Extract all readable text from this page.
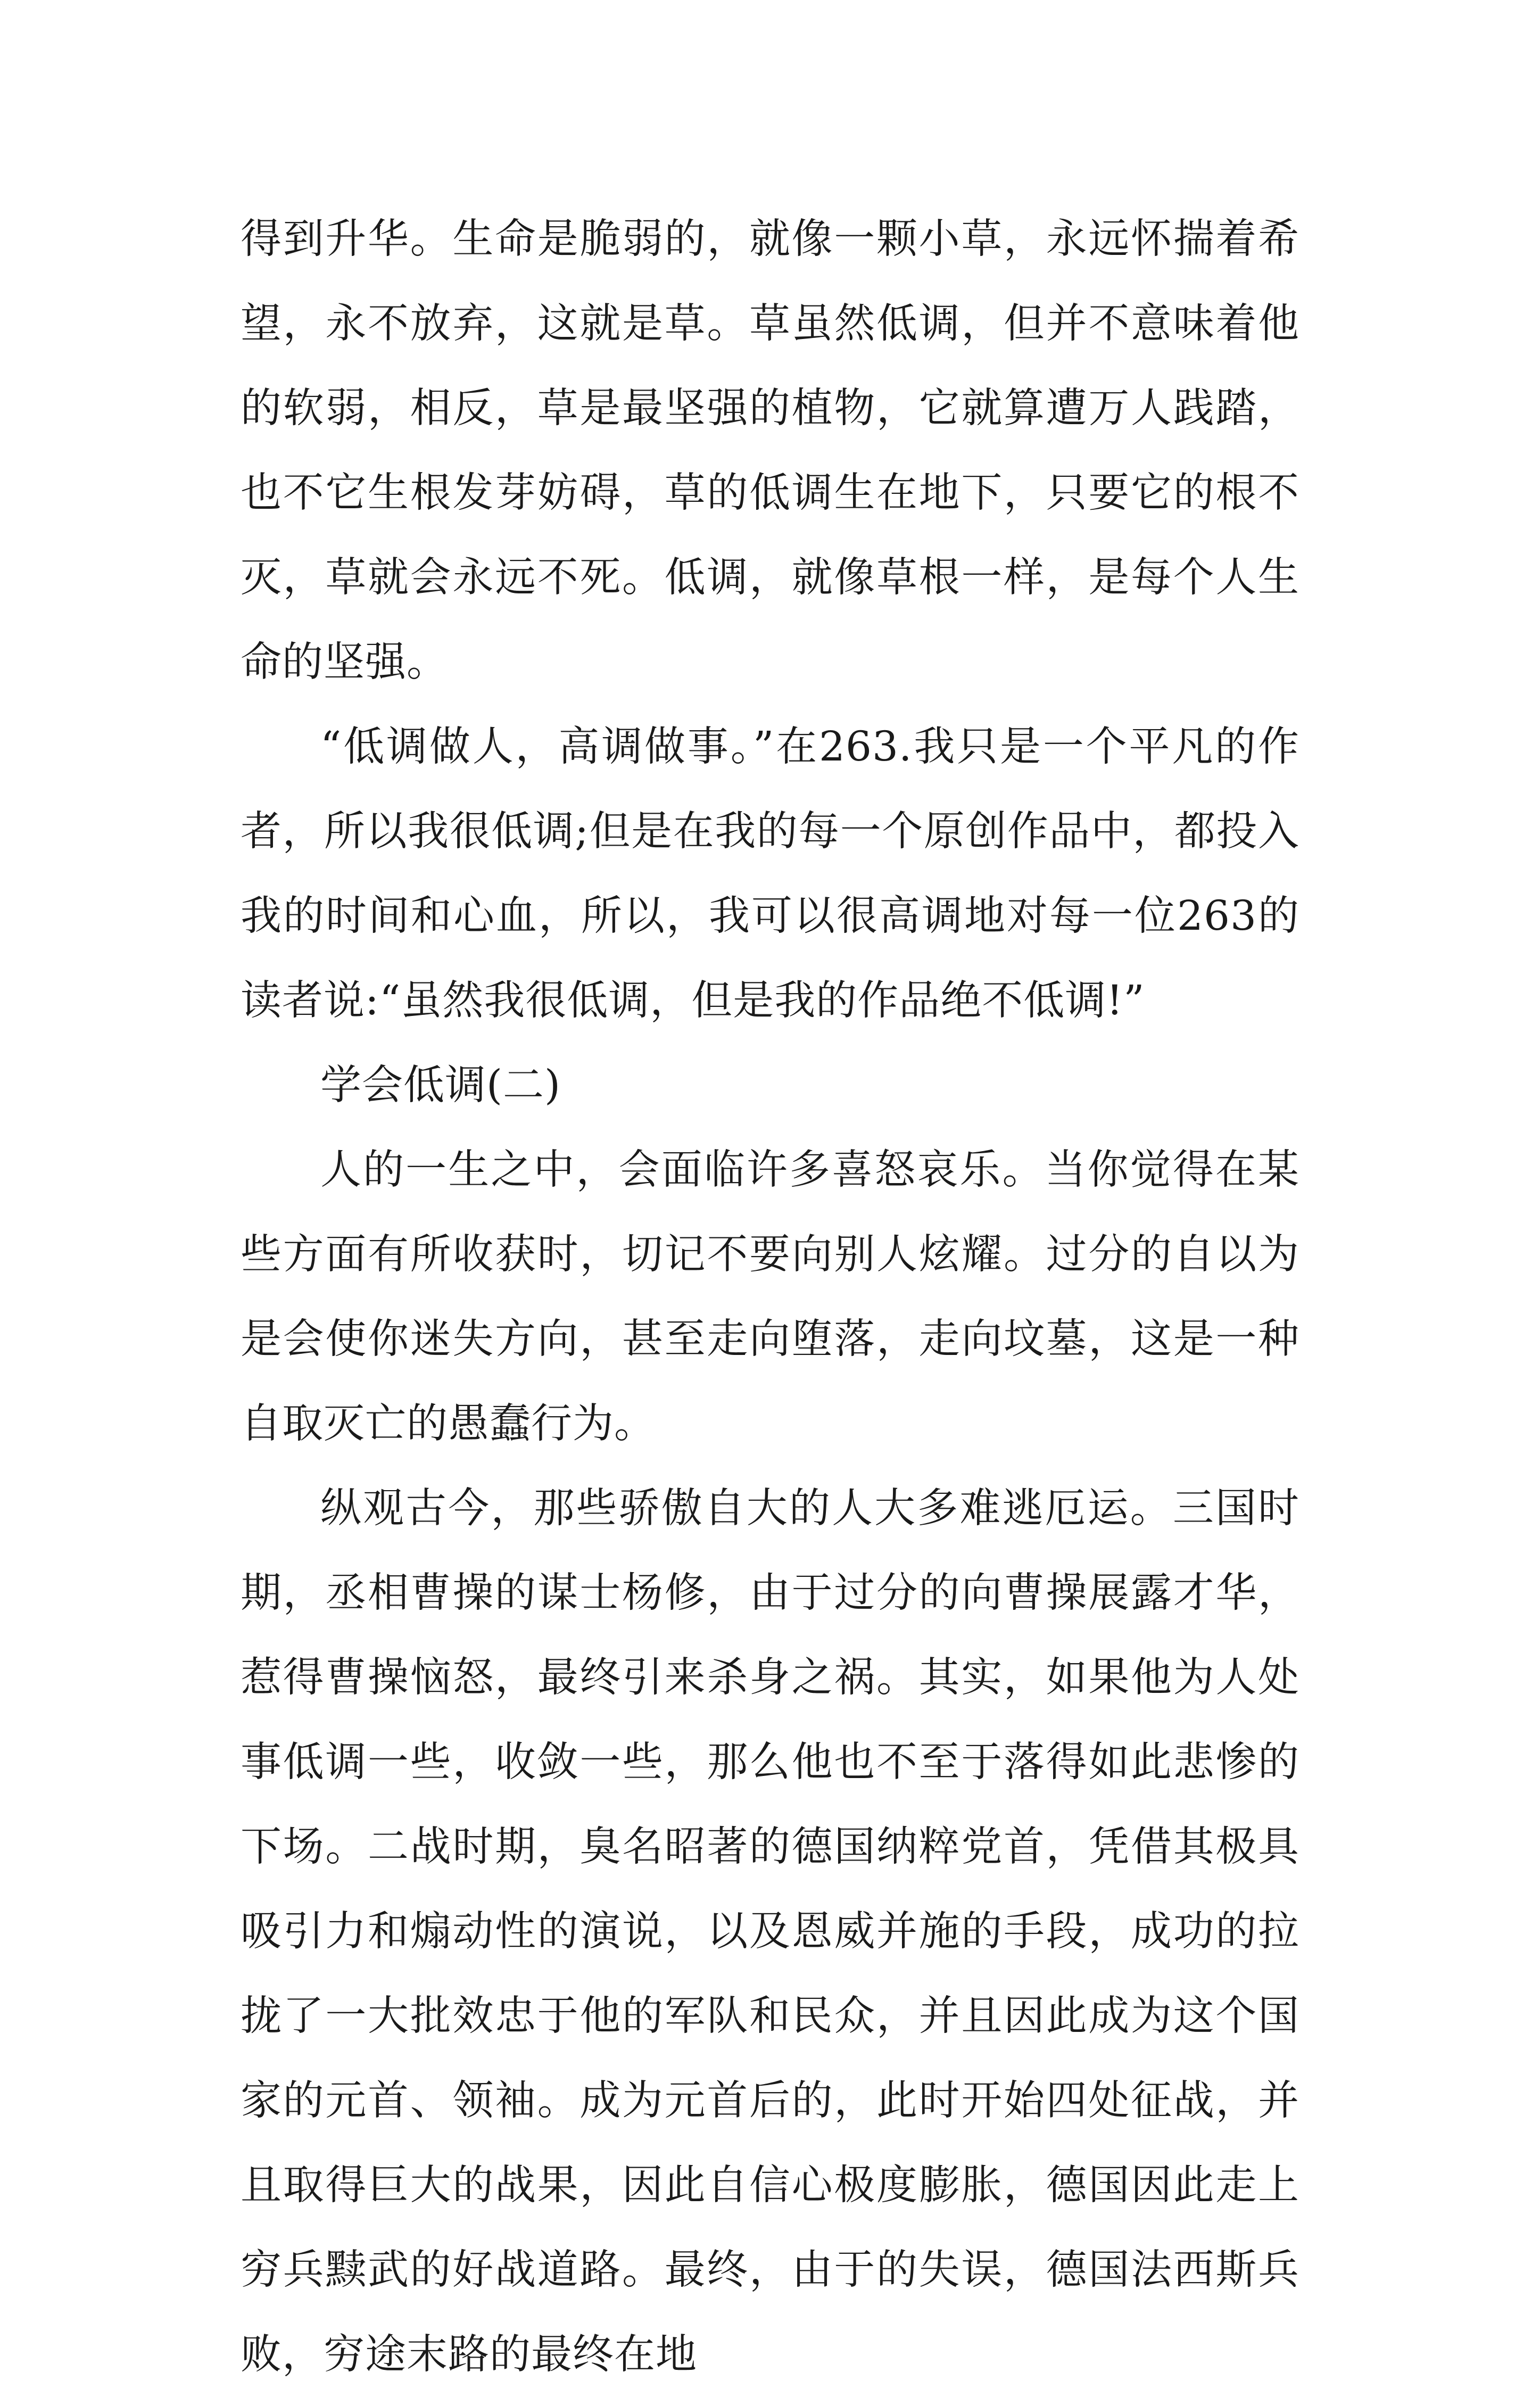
得到升华。生命是脆弱的，就像一颗小草，永远怀揣着希望，永不放弃，这就是草。草虽然低调，但并不意味着他的软弱，相反，草是最坚强的植物，它就算遭万人践踏，也不它生根发芽妨碍，草的低调生在地下，只要它的根不灭，草就会永远不死。低调，就像草根一样，是每个人生命的坚强。

“低调做人，高调做事。”在263.我只是一个平凡的作者，所以我很低调;但是在我的每一个原创作品中，都投入我的时间和心血，所以，我可以很高调地对每一位263的读者说:“虽然我很低调，但是我的作品绝不低调!”

学会低调(二)

人的一生之中，会面临许多喜怒哀乐。当你觉得在某些方面有所收获时，切记不要向别人炫耀。过分的自以为是会使你迷失方向，甚至走向堕落，走向坟墓，这是一种自取灭亡的愚蠢行为。

纵观古今，那些骄傲自大的人大多难逃厄运。三国时期，丞相曹操的谋士杨修，由于过分的向曹操展露才华，惹得曹操恼怒，最终引来杀身之祸。其实，如果他为人处事低调一些，收敛一些，那么他也不至于落得如此悲惨的下场。二战时期，臭名昭著的德国纳粹党首，凭借其极具吸引力和煽动性的演说，以及恩威并施的手段，成功的拉拢了一大批效忠于他的军队和民众，并且因此成为这个国家的元首、领袖。成为元首后的，此时开始四处征战，并且取得巨大的战果，因此自信心极度膨胀，德国因此走上穷兵黩武的好战道路。最终，由于的失误，德国法西斯兵败，穷途末路的最终在地
